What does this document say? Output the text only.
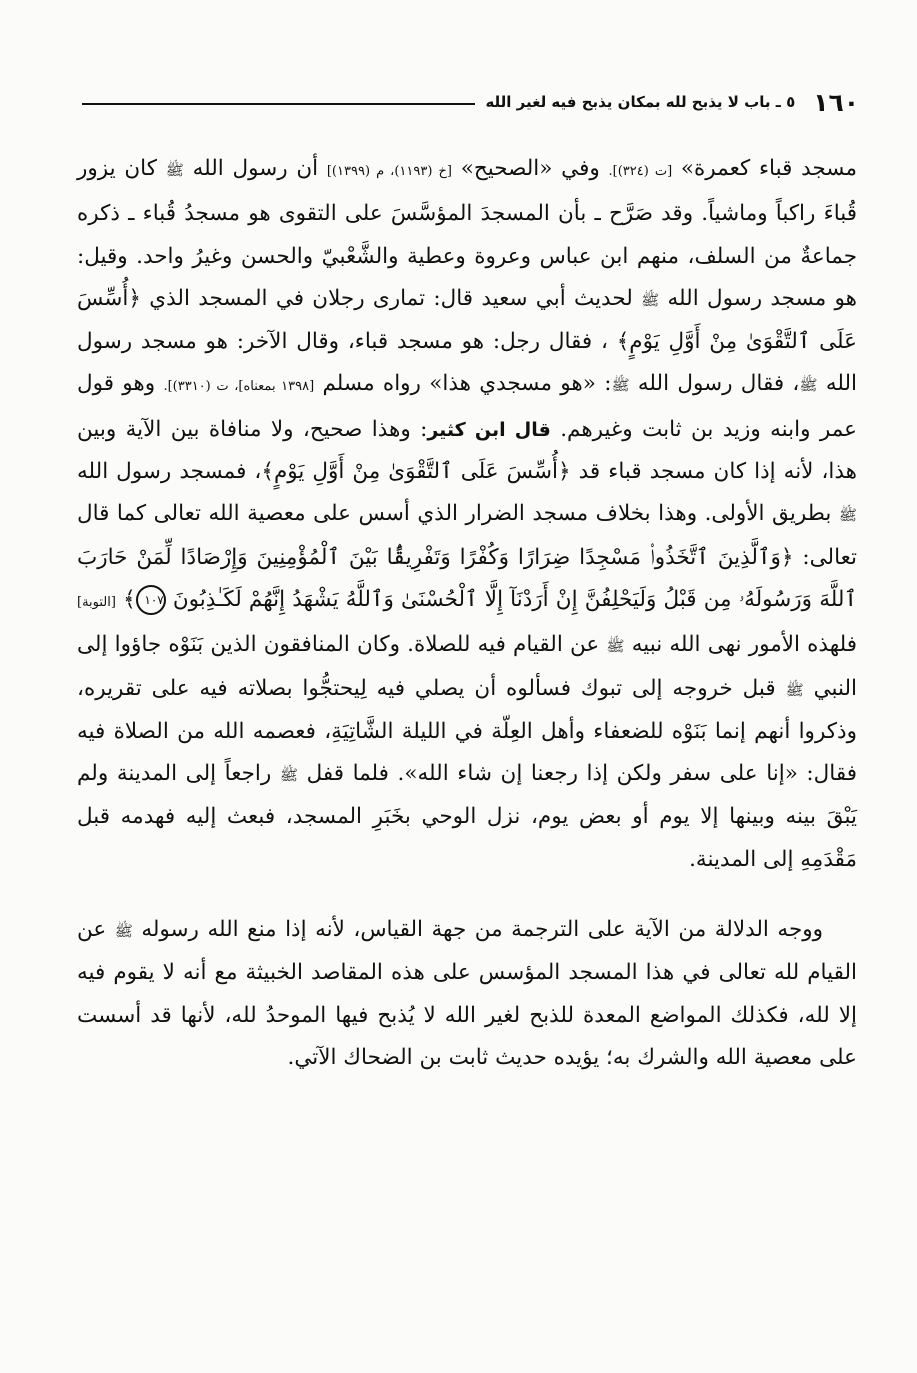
١٦٠
٥ ـ باب لا يذبح لله بمكان يذبح فيه لغير الله

مسجد قباء كعمرة» [ت (٣٢٤)]. وفي «الصحيح» [خ (١١٩٣)، م (١٣٩٩)] أن رسول الله ﷺ كان يزور قُباءَ راكباً وماشياً. وقد صَرَّح ـ بأن المسجدَ المؤسَّسَ على التقوى هو مسجدُ قُباء ـ ذكره جماعةٌ من السلف، منهم ابن عباس وعروة وعطية والشَّعْبيّ والحسن وغيرُ واحد. وقيل: هو مسجد رسول الله ﷺ لحديث أبي سعيد قال: تمارى رجلان في المسجد الذي ﴿أُسِّسَ عَلَى ٱلتَّقْوَىٰ مِنْ أَوَّلِ يَوْمٍ﴾ ، فقال رجل: هو مسجد قباء، وقال الآخر: هو مسجد رسول الله ﷺ، فقال رسول الله ﷺ: «هو مسجدي هذا» رواه مسلم [١٣٩٨ بمعناه]، ت (٣٣١٠)]. وهو قول عمر وابنه وزيد بن ثابت وغيرهم. قال ابن كثير: وهذا صحيح، ولا منافاة بين الآية وبين هذا، لأنه إذا كان مسجد قباء قد ﴿أُسِّسَ عَلَى ٱلتَّقْوَىٰ مِنْ أَوَّلِ يَوْمٍ﴾، فمسجد رسول الله ﷺ بطريق الأولى. وهذا بخلاف مسجد الضرار الذي أسس على معصية الله تعالى كما قال تعالى: ﴿وَٱلَّذِينَ ٱتَّخَذُوا۟ مَسْجِدًا ضِرَارًا وَكُفْرًا وَتَفْرِيقًۢا بَيْنَ ٱلْمُؤْمِنِينَ وَإِرْصَادًا لِّمَنْ حَارَبَ ٱللَّهَ وَرَسُولَهُۥ مِن قَبْلُ وَلَيَحْلِفُنَّ إِنْ أَرَدْنَآ إِلَّا ٱلْحُسْنَىٰ وَٱللَّهُ يَشْهَدُ إِنَّهُمْ لَكَـٰذِبُونَ ١٠٧﴾ [التوبة] فلهذه الأمور نهى الله نبيه ﷺ عن القيام فيه للصلاة. وكان المنافقون الذين بَنَوْه جاؤوا إلى النبي ﷺ قبل خروجه إلى تبوك فسألوه أن يصلي فيه لِيحتجُّوا بصلاته فيه على تقريره، وذكروا أنهم إنما بَنَوْه للضعفاء وأهل العِلّة في الليلة الشَّاتِيَةِ، فعصمه الله من الصلاة فيه فقال: «إنا على سفر ولكن إذا رجعنا إن شاء الله». فلما قفل ﷺ راجعاً إلى المدينة ولم يَبْقَ بينه وبينها إلا يوم أو بعض يوم، نزل الوحي بخَبَرِ المسجد، فبعث إليه فهدمه قبل مَقْدَمِهِ إلى المدينة.

ووجه الدلالة من الآية على الترجمة من جهة القياس، لأنه إذا منع الله رسوله ﷺ عن القيام لله تعالى في هذا المسجد المؤسس على هذه المقاصد الخبيثة مع أنه لا يقوم فيه إلا لله، فكذلك المواضع المعدة للذبح لغير الله لا يُذبح فيها الموحدُ لله، لأنها قد أسست على معصية الله والشرك به؛ يؤيده حديث ثابت بن الضحاك الآتي.
